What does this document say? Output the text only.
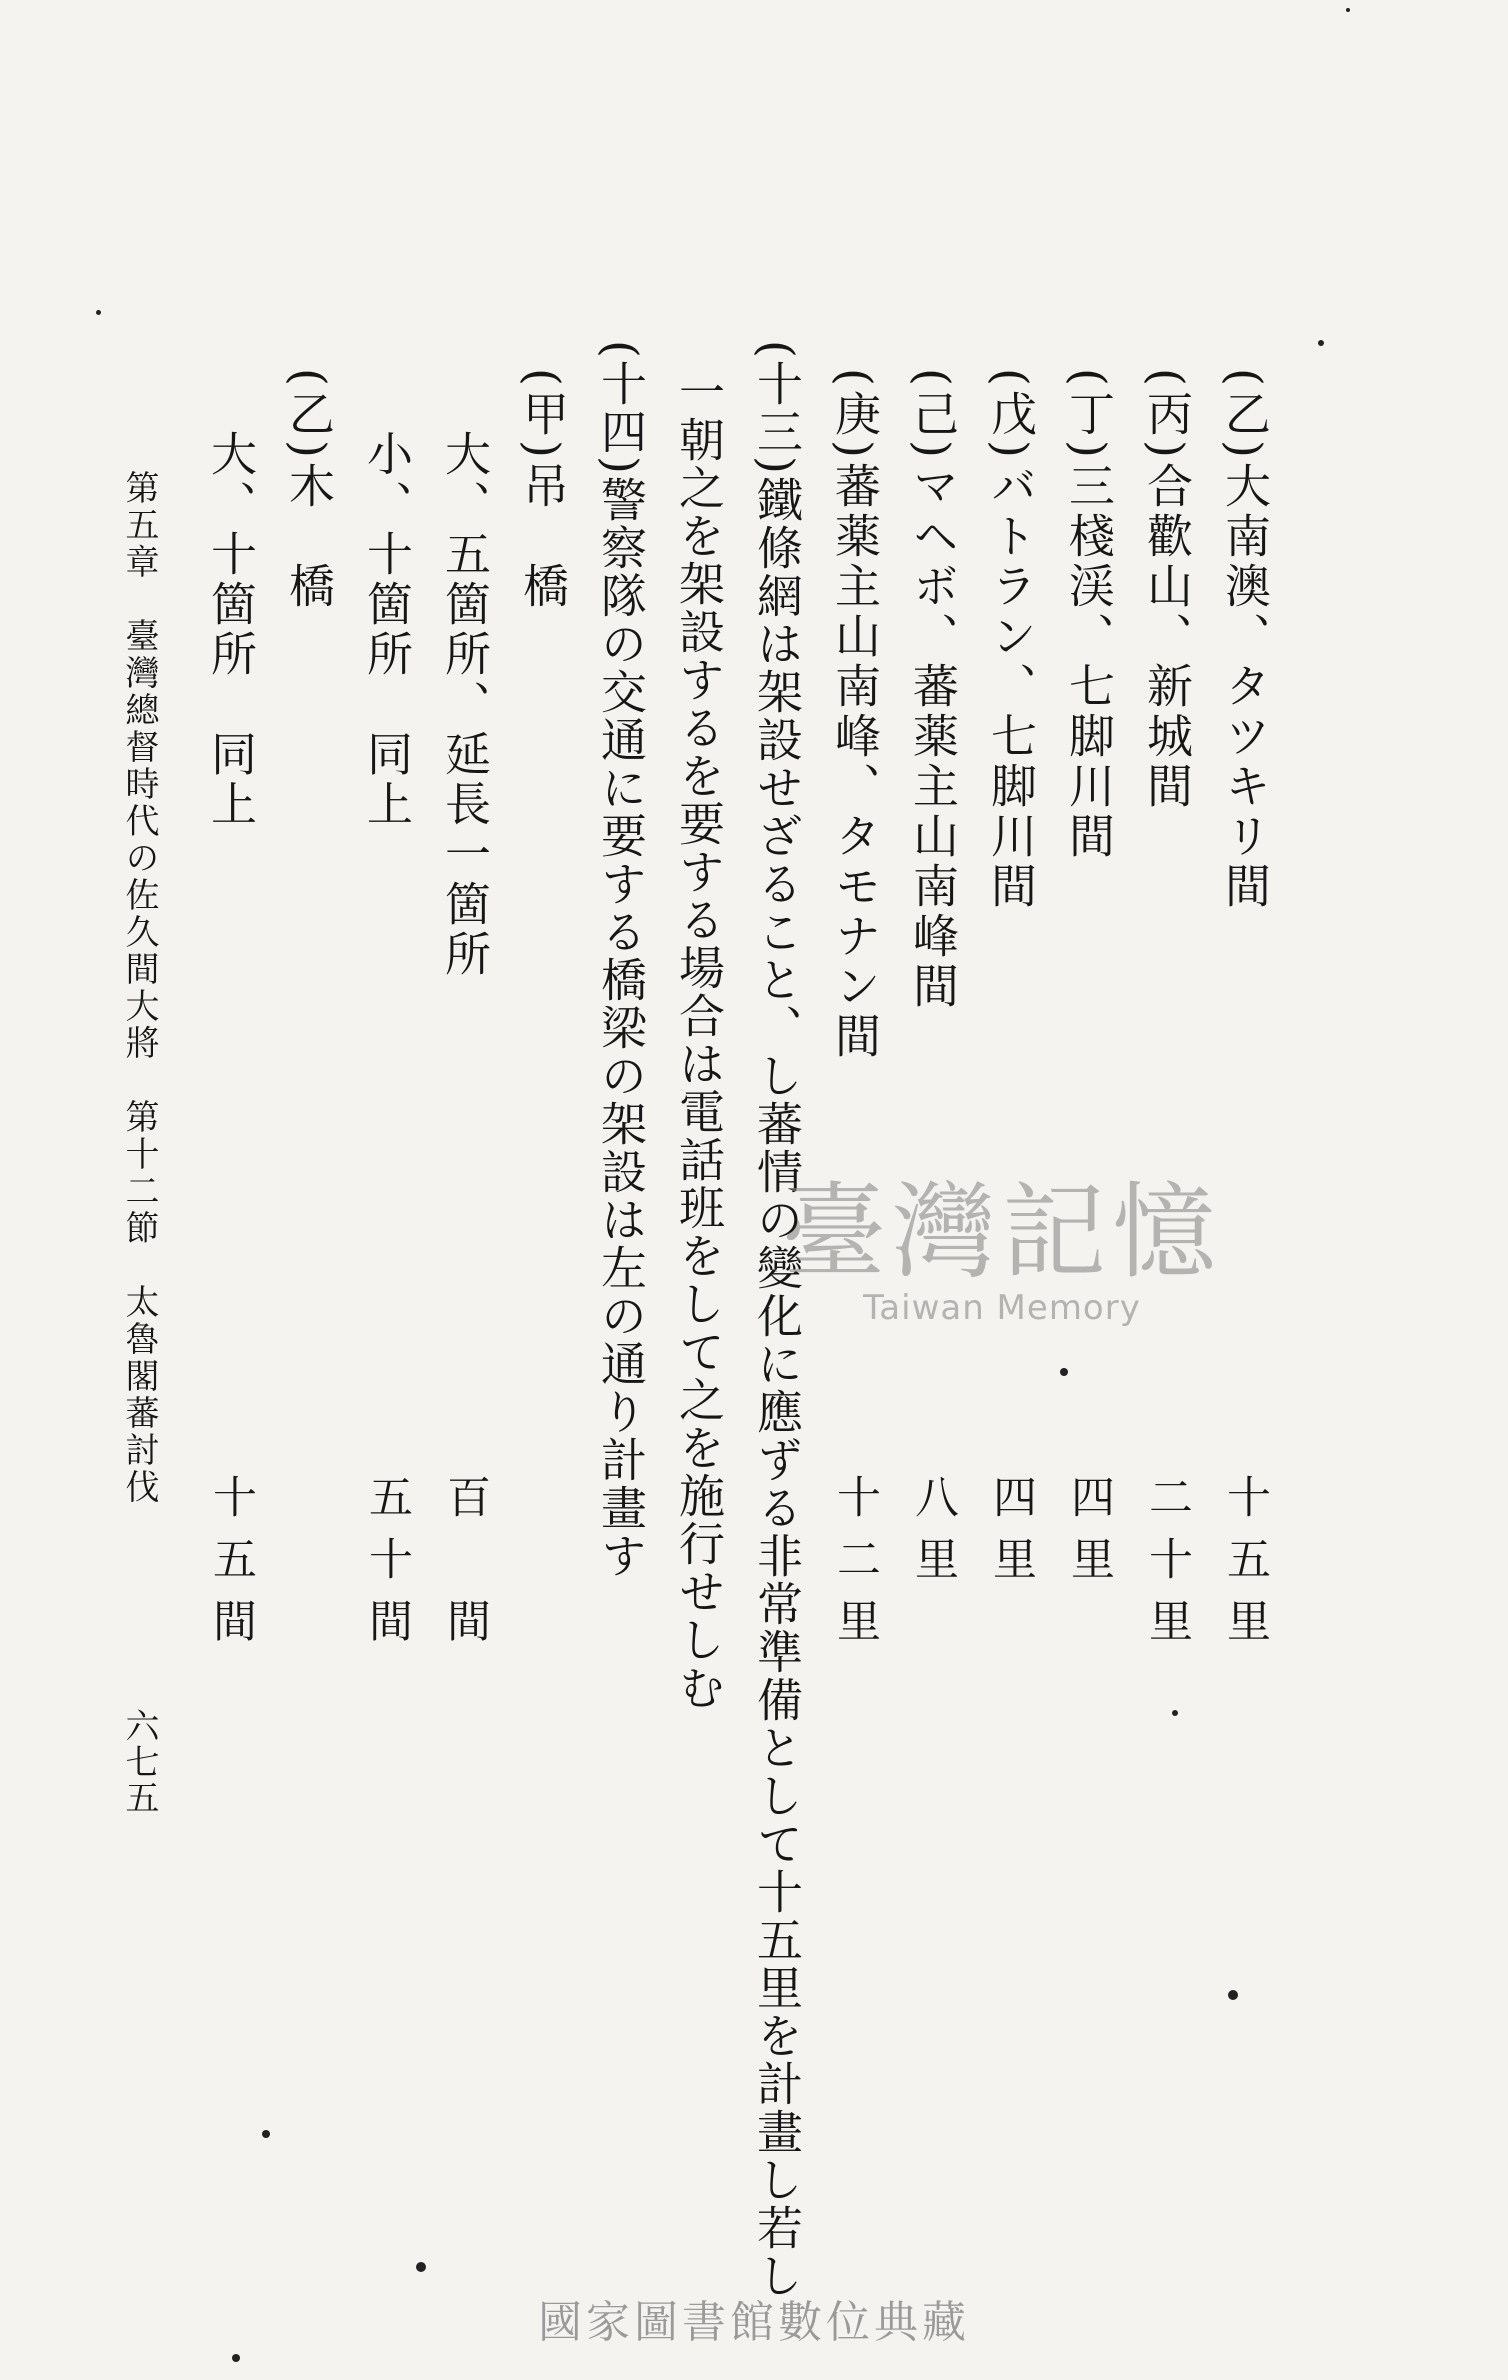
(乙)大南澳、タツキリ間
十五里
(丙)合歡山、新城間
二十里
(丁)三棧渓、七脚川間
四里
(戊)バトラン、七脚川間
四里
(己)マヘボ、蕃薬主山南峰間
八里
(庚)蕃薬主山南峰、タモナン間
十二里
(十三)鐵條網は架設せざること、し蕃情の變化に應ずる非常準備として十五里を計畫し若し
一朝之を架設するを要する場合は電話班をして之を施行せしむ
(十四)警察隊の交通に要する橋梁の架設は左の通り計畫す
(甲)吊　橋
大、五箇所、延長一箇所
百　間
小、十箇所　同上
五十間
(乙)木　橋
大、十箇所　同上
十五間
第五章　臺灣總督時代の佐久間大將　第十二節　太魯閣蕃討伐
六七五
臺灣記憶
Taiwan Memory
國家圖書館數位典藏
